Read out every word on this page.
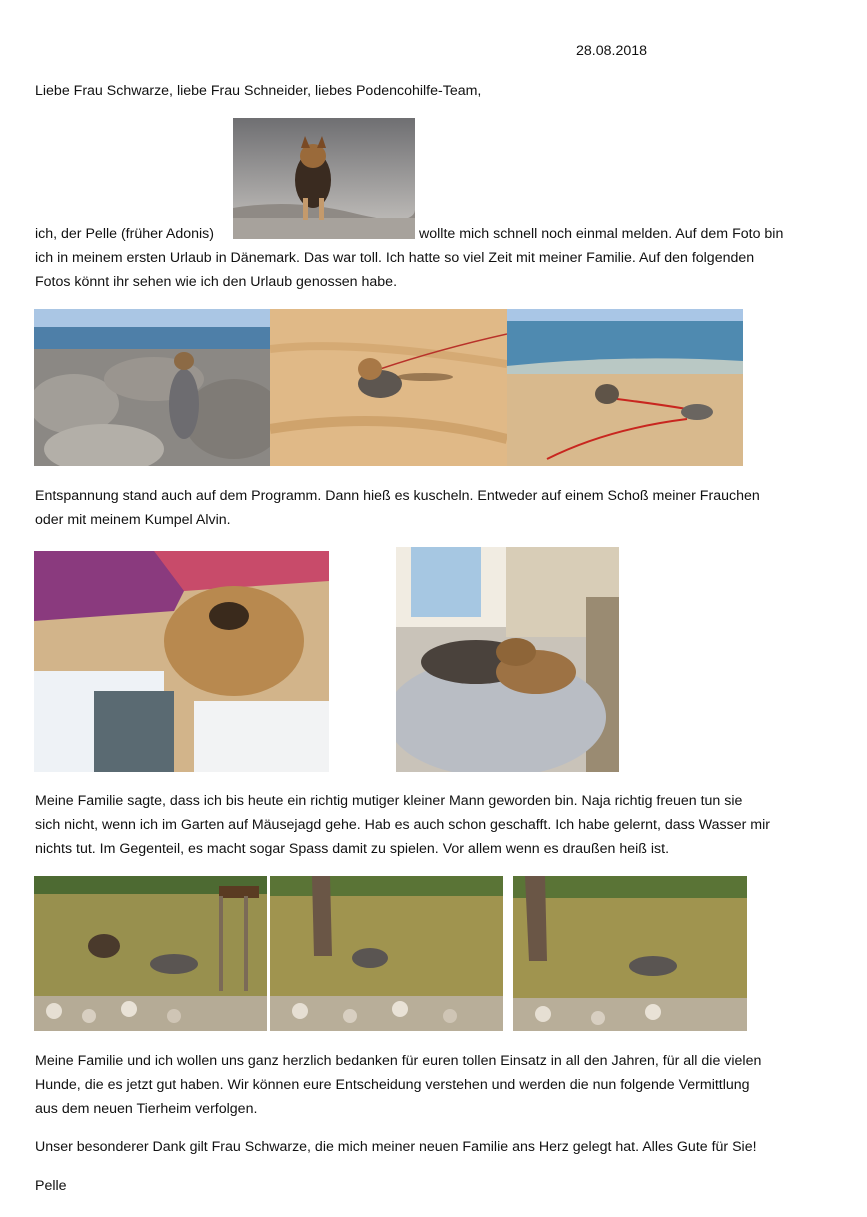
28.08.2018
Liebe Frau Schwarze, liebe Frau Schneider, liebes Podencohilfe-Team,
ich, der Pelle (früher Adonis)	wollte mich schnell noch einmal melden. Auf dem Foto bin
ich in meinem ersten Urlaub in Dänemark. Das war toll. Ich hatte so viel Zeit mit meiner Familie. Auf den folgenden
Fotos könnt ihr sehen wie ich den Urlaub genossen habe.
Entspannung stand auch auf dem Programm. Dann hieß es kuscheln. Entweder auf einem Schoß meiner Frauchen
oder mit meinem Kumpel Alvin.
Meine Familie sagte, dass ich bis heute ein richtig mutiger kleiner Mann geworden bin. Naja richtig freuen tun sie
sich nicht, wenn ich im Garten auf Mäusejagd gehe. Hab es auch schon geschafft. Ich habe gelernt, dass Wasser mir
nichts tut. Im Gegenteil, es macht sogar Spass damit zu spielen. Vor allem wenn es draußen heiß ist.
Meine Familie und ich wollen uns ganz herzlich bedanken für euren tollen Einsatz in all den Jahren, für all die vielen
Hunde, die es jetzt gut haben. Wir können eure Entscheidung verstehen und werden die nun folgende Vermittlung
aus dem neuen Tierheim verfolgen.
Unser besonderer Dank gilt Frau Schwarze, die mich meiner neuen Familie ans Herz gelegt hat. Alles Gute für Sie!
Pelle
